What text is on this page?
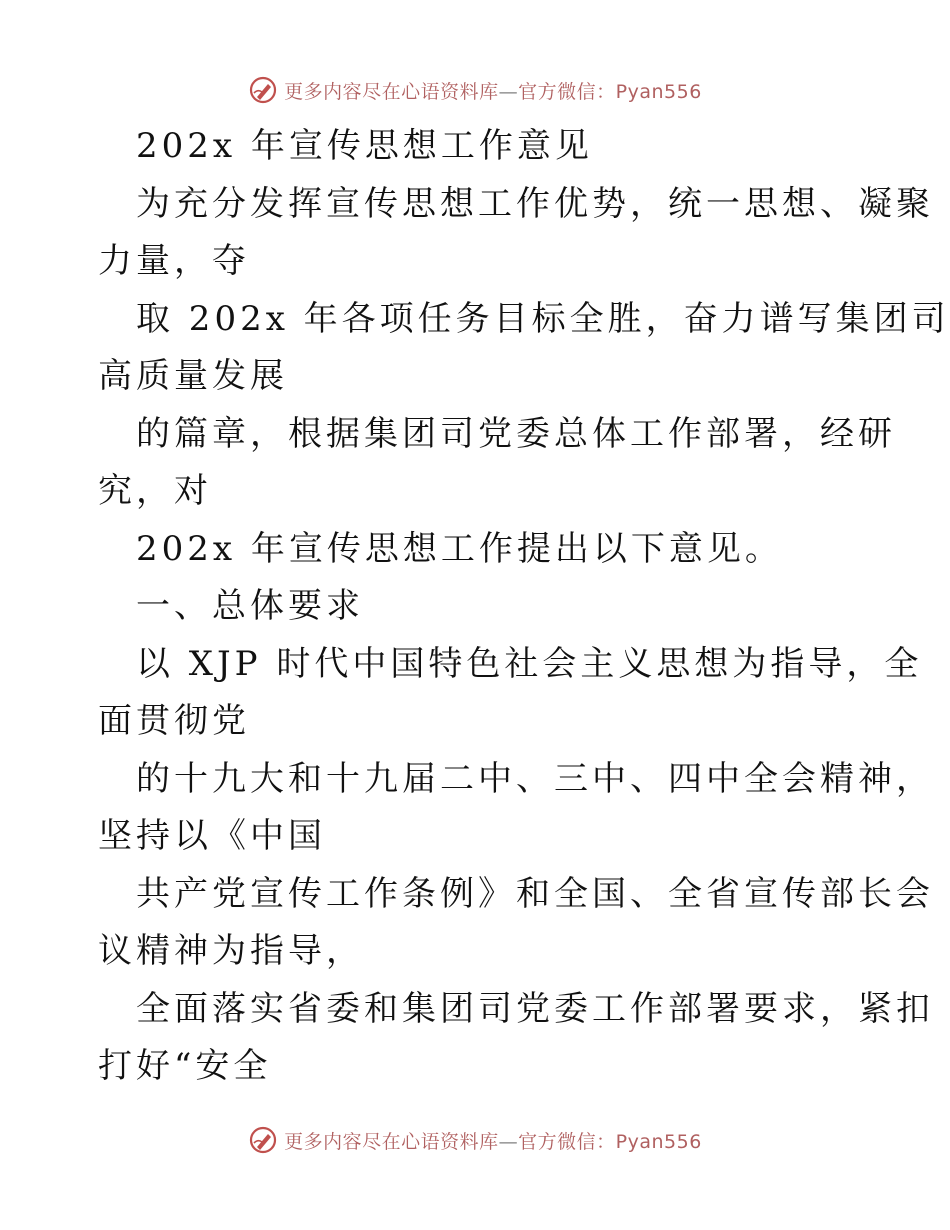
更多内容尽在心语资料库—官方微信：Pyan556
202x 年宣传思想工作意见
为充分发挥宣传思想工作优势，统一思想、凝聚
力量，夺
取 202x 年各项任务目标全胜，奋力谱写集团司
高质量发展
的篇章，根据集团司党委总体工作部署，经研
究，对
202x 年宣传思想工作提出以下意见。
一、总体要求
以 XJP 时代中国特色社会主义思想为指导，全
面贯彻党
的十九大和十九届二中、三中、四中全会精神，
坚持以《中国
共产党宣传工作条例》和全国、全省宣传部长会
议精神为指导，
全面落实省委和集团司党委工作部署要求，紧扣
打好“安全
更多内容尽在心语资料库—官方微信：Pyan556
